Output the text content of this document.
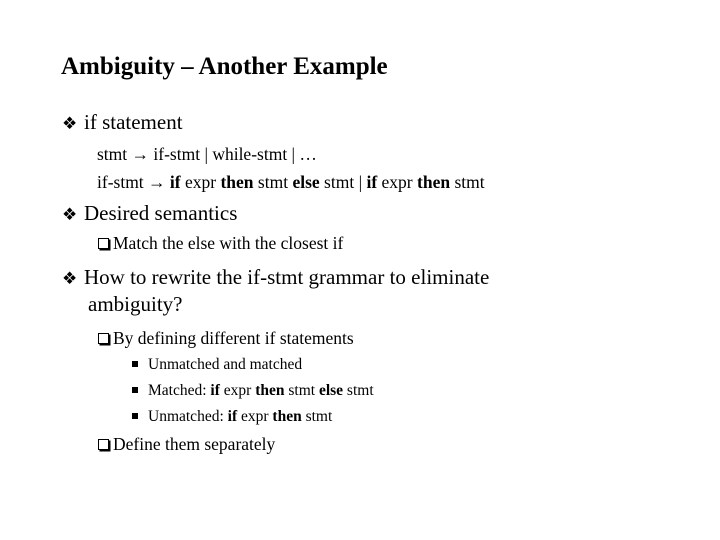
Ambiguity – Another Example
❖ if statement
stmt → if-stmt | while-stmt | …
if-stmt → if expr then stmt else stmt | if expr then stmt
❖ Desired semantics
Match the else with the closest if
❖ How to rewrite the if-stmt grammar to eliminate
ambiguity?
By defining different if statements
Unmatched and matched
Matched: if expr then stmt else stmt
Unmatched: if expr then stmt
Define them separately
